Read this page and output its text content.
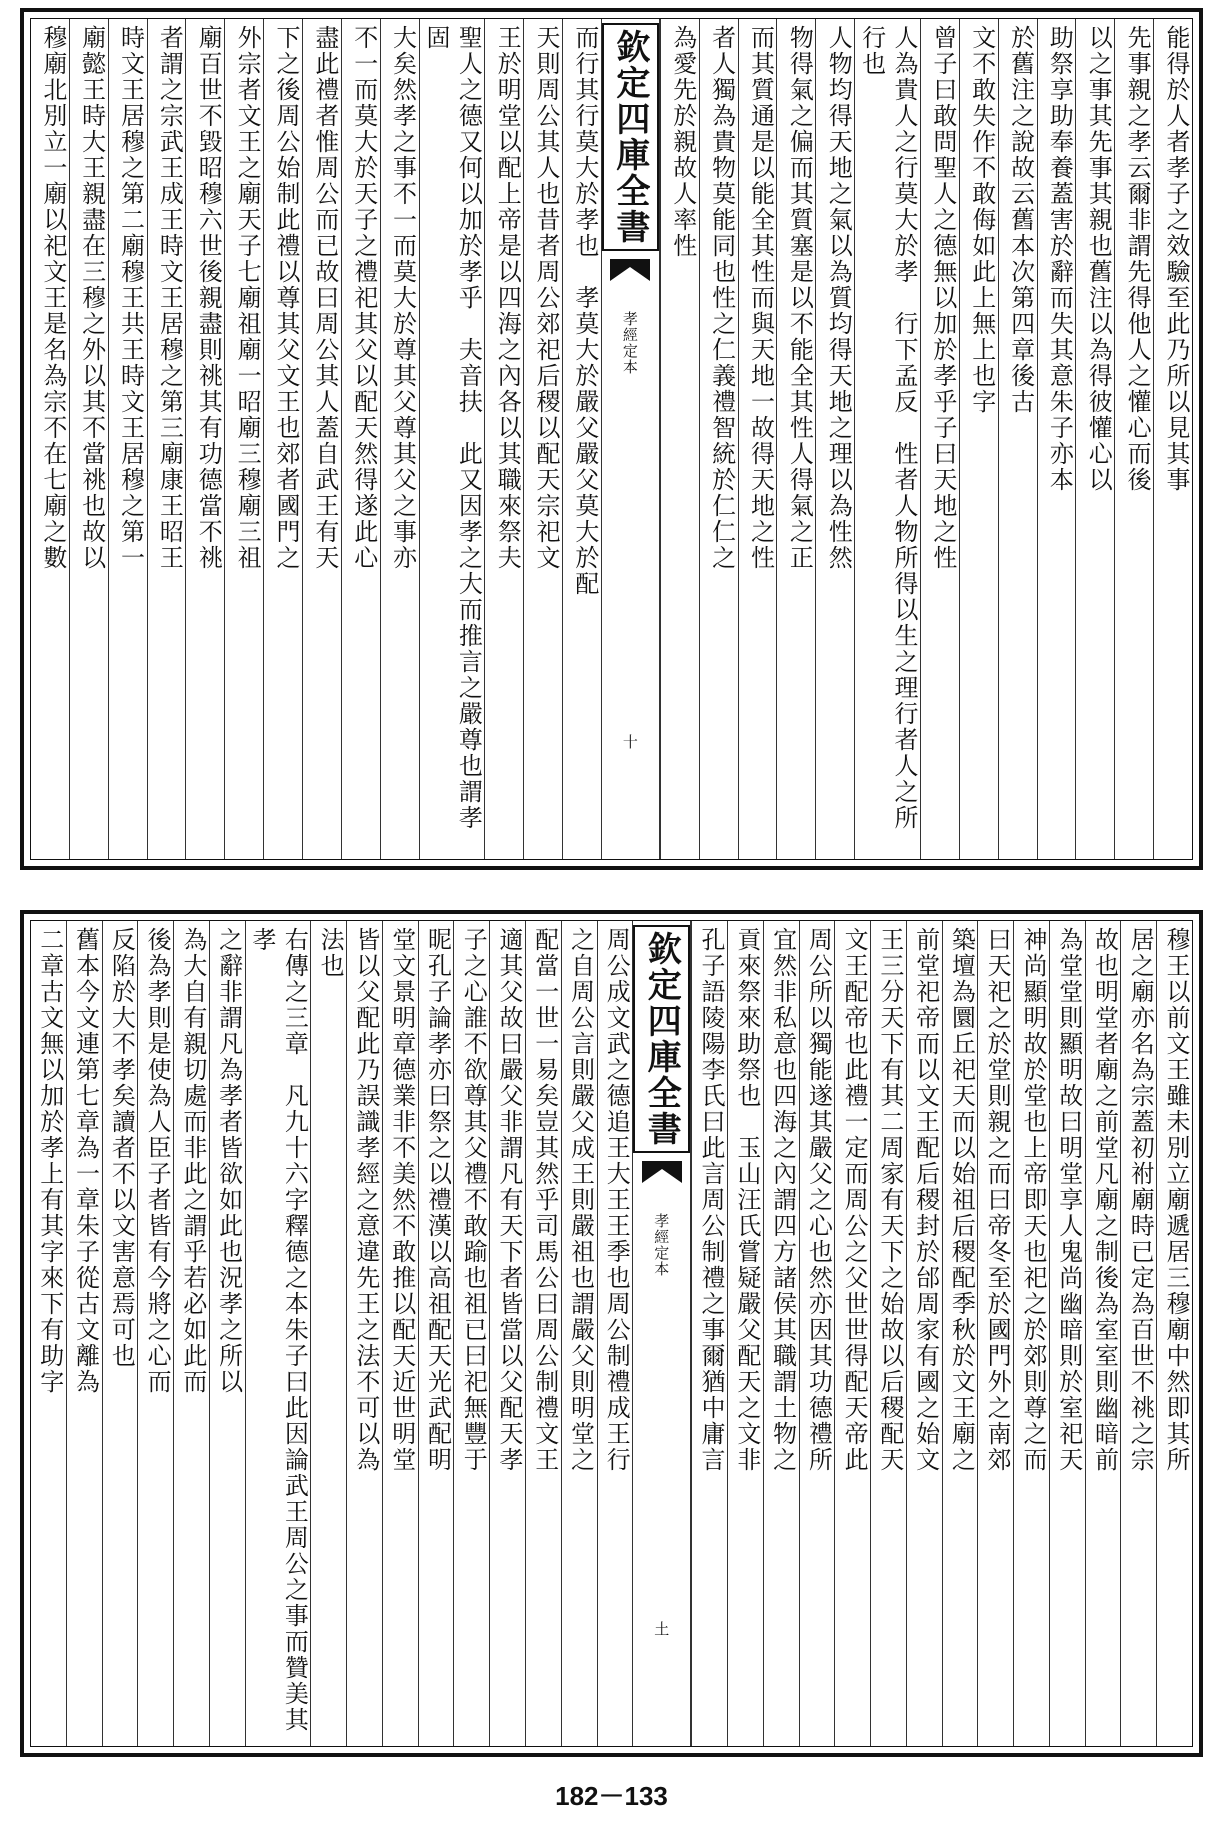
能得於人者孝子之效驗至此乃所以見其事
先事親之孝云爾非謂先得他人之懽心而後
以之事其先事其親也舊注以為得彼懽心以
助祭享助奉養蓋害於辭而失其意朱子亦本
於舊注之說故云舊本次第四章後古
文不敢失作不敢侮如此上無上也字
曾子曰敢問聖人之德無以加於孝乎子曰天地之性
人為貴人之行莫大於孝　行下孟反　性者人物所得以生之理行者人之所行也
人物均得天地之氣以為質均得天地之理以為性然
物得氣之偏而其質塞是以不能全其性人得氣之正
而其質通是以能全其性而與天地一故得天地之性
者人獨為貴物莫能同也性之仁義禮智統於仁仁之
為愛先於親故人率性
欽定四庫全書
孝經定本
十
而行其行莫大於孝也　孝莫大於嚴父嚴父莫大於配
天則周公其人也昔者周公郊祀后稷以配天宗祀文
王於明堂以配上帝是以四海之內各以其職來祭夫
聖人之德又何以加於孝乎　夫音扶　此又因孝之大而推言之嚴尊也謂孝固
大矣然孝之事不一而莫大於尊其父尊其父之事亦
不一而莫大於天子之禮祀其父以配天然得遂此心
盡此禮者惟周公而已故曰周公其人蓋自武王有天
下之後周公始制此禮以尊其父文王也郊者國門之
外宗者文王之廟天子七廟祖廟一昭廟三穆廟三祖
廟百世不毀昭穆六世後親盡則祧其有功德當不祧
者謂之宗武王成王時文王居穆之第三廟康王昭王
時文王居穆之第二廟穆王共王時文王居穆之第一
廟懿王時大王親盡在三穆之外以其不當祧也故以
穆廟北別立一廟以祀文王是名為宗不在七廟之數
穆王以前文王雖未別立廟遞居三穆廟中然即其所
居之廟亦名為宗蓋初祔廟時已定為百世不祧之宗
故也明堂者廟之前堂凡廟之制後為室室則幽暗前
為堂堂則顯明故曰明堂享人鬼尚幽暗則於室祀天
神尚顯明故於堂也上帝即天也祀之於郊則尊之而
曰天祀之於堂則親之而曰帝冬至於國門外之南郊
築壇為圜丘祀天而以始祖后稷配季秋於文王廟之
前堂祀帝而以文王配后稷封於邰周家有國之始文
王三分天下有其二周家有天下之始故以后稷配天
文王配帝也此禮一定而周公之父世世得配天帝此
周公所以獨能遂其嚴父之心也然亦因其功德禮所
宜然非私意也四海之內謂四方諸侯其職謂土物之
貢來祭來助祭也　玉山汪氏嘗疑嚴父配天之文非
孔子語陵陽李氏曰此言周公制禮之事爾猶中庸言
欽定四庫全書
孝經定本
土
周公成文武之德追王大王王季也周公制禮成王行
之自周公言則嚴父成王則嚴祖也謂嚴父則明堂之
配當一世一易矣豈其然乎司馬公曰周公制禮文王
適其父故曰嚴父非謂凡有天下者皆當以父配天孝
子之心誰不欲尊其父禮不敢踰也祖已曰祀無豐于
昵孔子論孝亦曰祭之以禮漢以高祖配天光武配明
堂文景明章德業非不美然不敢推以配天近世明堂
皆以父配此乃誤識孝經之意違先王之法不可以為
法也
右傳之三章　凡九十六字釋德之本朱子曰此因論武王周公之事而贊美其孝
之辭非謂凡為孝者皆欲如此也況孝之所以
為大自有親切處而非此之謂乎若必如此而
後為孝則是使為人臣子者皆有今將之心而
反陷於大不孝矣讀者不以文害意焉可也
舊本今文連第七章為一章朱子從古文離為
二章古文無以加於孝上有其字來下有助字
182－133
